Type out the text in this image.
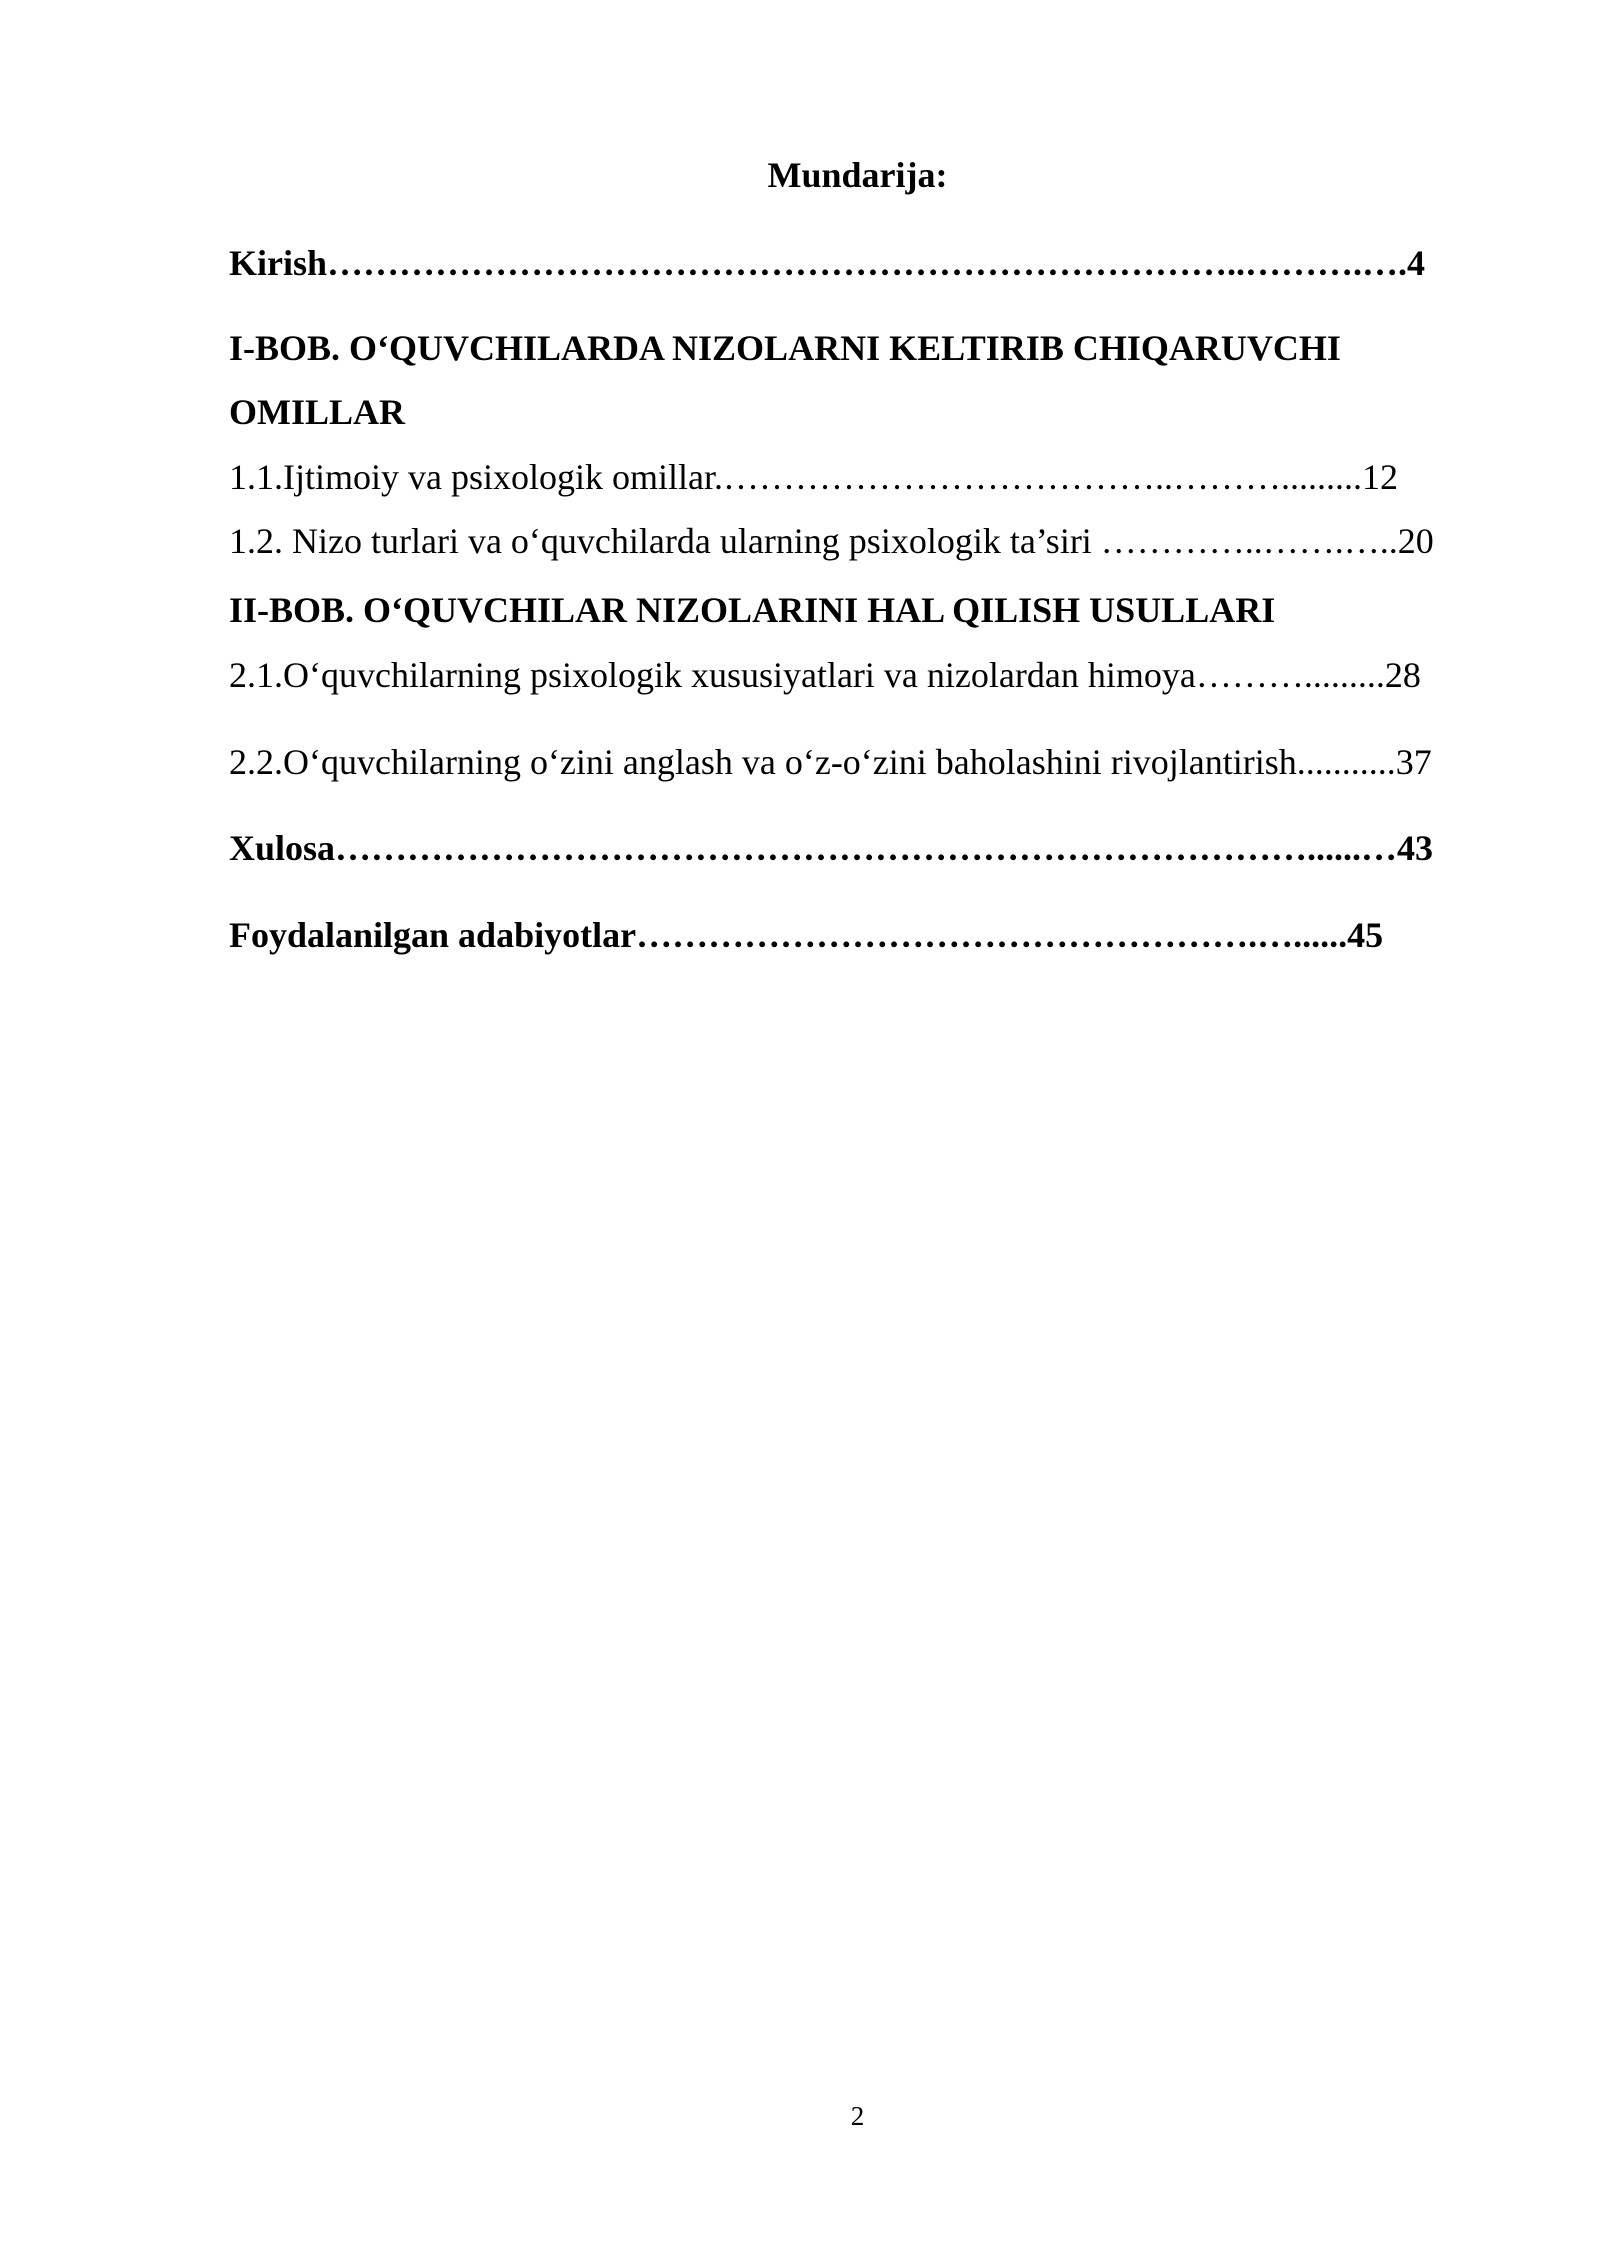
Mundarija:
Kirish…………………………………………………………………..……….….4
I-BOB. O‘QUVCHILARDA NIZOLARNI KELTIRIB CHIQARUVCHI
OMILLAR
1.1.Ijtimoiy va psixologik omillar.………………………………..……….........12
1.2. Nizo turlari va o‘quvchilarda ularning psixologik ta’siri …………..…….…..20
II-BOB. O‘QUVCHILAR NIZOLARINI HAL QILISH USULLARI
2.1.O‘quvchilarning psixologik xususiyatlari va nizolardan himoya……….........28
2.2.O‘quvchilarning o‘zini anglash va o‘z-o‘zini baholashini rivojlantirish...........37
Xulosa………………………………………………………………………......…43
Foydalanilgan adabiyotlar…………………………………………….…......45
2
